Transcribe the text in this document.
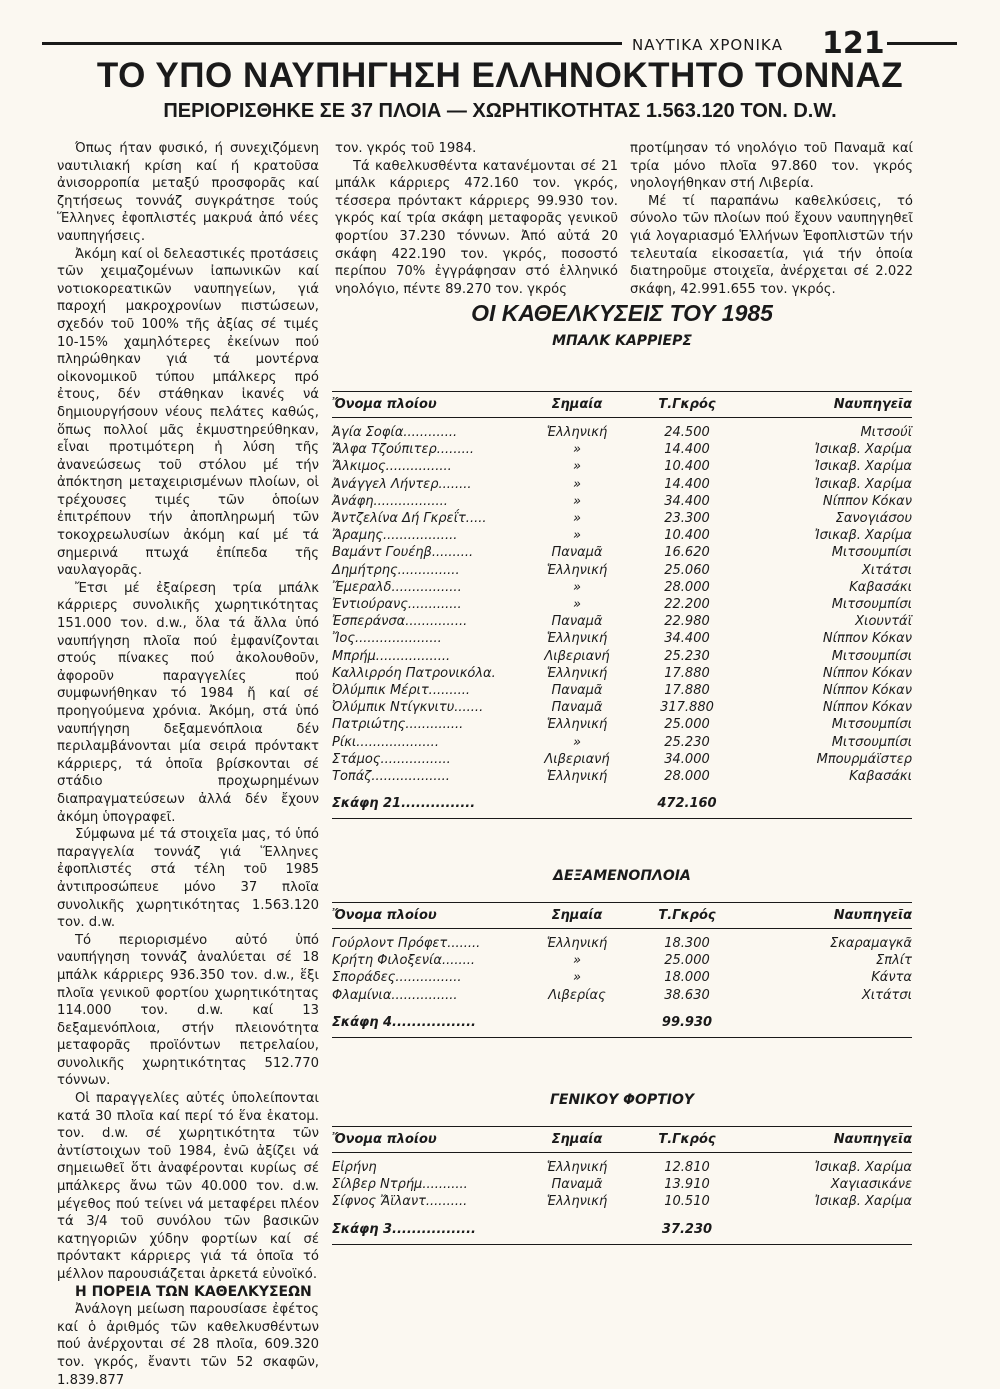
ΝΑΥΤΙΚΑ ΧΡΟΝΙΚΑ 121
ΤΟ ΥΠΟ ΝΑΥΠΗΓΗΣΗ ΕΛΛΗΝΟΚΤΗΤΟ ΤΟΝΝΑΖ
ΠΕΡΙΟΡΙΣΘΗΚΕ ΣΕ 37 ΠΛΟΙΑ — ΧΩΡΗΤΙΚΟΤΗΤΑΣ 1.563.120 ΤΟΝ. D.W.

Όπως ήταν φυσικό, ή συνεχιζόμενη ναυτιλιακή κρίση καί ή κρατοῦσα ἀνισορροπία μεταξύ προσφορᾶς καί ζητήσεως τοννάζ συγκράτησε τούς Ἕλληνες ἐφοπλιστές μακρυά ἀπό νέες ναυπηγήσεις.

Ἀκόμη καί οἱ δελεαστικές προτάσεις τῶν χειμαζομένων ἰαπωνικῶν καί νοτιοκορεατικῶν ναυπηγείων, γιά παροχή μακροχρονίων πιστώσεων, σχεδόν τοῦ 100% τῆς ἀξίας σέ τιμές 10-15% χαμηλότερες ἐκείνων πού πληρώθηκαν γιά τά μοντέρνα οἰκονομικοῦ τύπου μπάλκερς πρό ἐτους, δέν στάθηκαν ἱκανές νά δημιουργήσουν νέους πελάτες καθώς, ὅπως πολλοί μᾶς ἐκμυστηρεύθηκαν, εἶναι προτιμότερη ἡ λύση τῆς ἀνανεώσεως τοῦ στόλου μέ τήν ἀπόκτηση μεταχειρισμένων πλοίων, οἱ τρέχουσες τιμές τῶν ὁποίων ἐπιτρέπουν τήν ἀποπληρωμή τῶν τοκοχρεωλυσίων ἀκόμη καί μέ τά σημερινά πτωχά ἐπίπεδα τῆς ναυλαγορᾶς.

Ἔτσι μέ ἐξαίρεση τρία μπάλκ κάρριερς συνολικῆς χωρητικότητας 151.000 τον. d.w., ὅλα τά ἄλλα ὑπό ναυπήγηση πλοῖα πού ἐμφανίζονται στούς πίνακες πού ἀκολουθοῦν, ἀφοροῦν παραγγελίες πού συμφωνήθηκαν τό 1984 ἤ καί σέ προηγούμενα χρόνια. Ἀκόμη, στά ὑπό ναυπήγηση δεξαμενόπλοια δέν περιλαμβάνονται μία σειρά πρόντακτ κάρριερς, τά ὁποῖα βρίσκονται σέ στάδιο προχωρημένων διαπραγματεύσεων ἀλλά δέν ἔχουν ἀκόμη ὑπογραφεῖ.

Σύμφωνα μέ τά στοιχεῖα μας, τό ὑπό παραγγελία τοννάζ γιά Ἕλληνες ἐφοπλιστές στά τέλη τοῦ 1985 ἀντιπροσώπευε μόνο 37 πλοῖα συνολικῆς χωρητικότητας 1.563.120 τον. d.w.

Τό περιορισμένο αὐτό ὑπό ναυπήγηση τοννάζ ἀναλύεται σέ 18 μπάλκ κάρριερς 936.350 τον. d.w., ἕξι πλοῖα γενικοῦ φορτίου χωρητικότητας 114.000 τον. d.w. καί 13 δεξαμενόπλοια, στήν πλειονότητα μεταφορᾶς προϊόντων πετρελαίου, συνολικῆς χωρητικότητας 512.770 τόννων.

Οἱ παραγγελίες αὐτές ὑπολείπονται κατά 30 πλοῖα καί περί τό ἕνα ἑκατομ. τον. d.w. σέ χωρητικότητα τῶν ἀντίστοιχων τοῦ 1984, ἐνῶ ἀξίζει νά σημειωθεῖ ὅτι ἀναφέρονται κυρίως σέ μπάλκερς ἄνω τῶν 40.000 τον. d.w. μέγεθος πού τείνει νά μεταφέρει πλέον τά 3/4 τοῦ συνόλου τῶν βασικῶν κατηγοριῶν χύδην φορτίων καί σέ πρόντακτ κάρριερς γιά τά ὁποῖα τό μέλλον παρουσιάζεται ἀρκετά εὐνοϊκό.

Η ΠΟΡΕΙΑ ΤΩΝ ΚΑΘΕΛΚΥΣΕΩΝ

Ἀνάλογη μείωση παρουσίασε ἐφέτος καί ὁ ἀριθμός τῶν καθελκυσθέντων πού ἀνέρχονται σέ 28 πλοῖα, 609.320 τον. γκρός, ἔναντι τῶν 52 σκαφῶν, 1.839.877

τον. γκρός τοῦ 1984.

Τά καθελκυσθέντα κατανέμονται σέ 21 μπάλκ κάρριερς 472.160 τον. γκρός, τέσσερα πρόντακτ κάρριερς 99.930 τον. γκρός καί τρία σκάφη μεταφορᾶς γενικοῦ φορτίου 37.230 τόννων. Ἀπό αὐτά 20 σκάφη 422.190 τον. γκρός, ποσοστό περίπου 70% ἐγγράφησαν στό ἑλληνικό νηολόγιο, πέντε 89.270 τον. γκρός

προτίμησαν τό νηολόγιο τοῦ Παναμᾶ καί τρία μόνο πλοῖα 97.860 τον. γκρός νηολογήθηκαν στή Λιβερία.

Μέ τί παραπάνω καθελκύσεις, τό σύνολο τῶν πλοίων πού ἔχουν ναυπηγηθεῖ γιά λογαριασμό Ἑλλήνων Ἐφοπλιστῶν τήν τελευταία εἰκοσαετία, γιά τήν ὁποία διατηροῦμε στοιχεῖα, ἀνέρχεται σέ 2.022 σκάφη, 42.991.655 τον. γκρός.

ΟΙ ΚΑΘΕΛΚΥΣΕΙΣ ΤΟΥ 1985
ΜΠΑΛΚ ΚΑΡΡΙΕΡΣ
Ὄνομα πλοίου	Σημαία	Τ.Γκρός	Ναυπηγεῖα
Ἁγία Σοφία.............	Ἑλληνική	24.500	Μιτσούϊ
Ἄλφα Τζούπιτερ.........	»	14.400	Ἰσικαβ. Χαρίμα
Ἄλκιμος................	»	10.400	Ἰσικαβ. Χαρίμα
Ἀνάγγελ Λήντερ........	»	14.400	Ἰσικαβ. Χαρίμα
Ἀνάφη..................	»	34.400	Νίππον Κόκαν
Ἀντζελίνα Δή Γκρεΐτ.....	»	23.300	Σανογιάσου
Ἄραμης..................	»	10.400	Ἰσικαβ. Χαρίμα
Βαμάντ Γουέηβ..........	Παναμᾶ	16.620	Μιτσουμπίσι
Δημήτρης...............	Ἑλληνική	25.060	Χιτάτσι
Ἔμεραλδ.................	»	28.000	Καβασάκι
Ἐντιούρανς.............	»	22.200	Μιτσουμπίσι
Ἐσπεράνσα...............	Παναμᾶ	22.980	Χιουντάϊ
Ἴος.....................	Ἑλληνική	34.400	Νίππον Κόκαν
Μπρήμ..................	Λιβεριανή	25.230	Μιτσουμπίσι
Καλλιρρόη Πατρονικόλα.	Ἑλληνική	17.880	Νίππον Κόκαν
Ὀλύμπικ Μέριτ..........	Παναμᾶ	17.880	Νίππον Κόκαν
Ὀλύμπικ Ντίγκνιτυ.......	Παναμᾶ	317.880	Νίππον Κόκαν
Πατριώτης..............	Ἑλληνική	25.000	Μιτσουμπίσι
Ρίκι....................	»	25.230	Μιτσουμπίσι
Στάμος.................	Λιβεριανή	34.000	Μπουρμάϊστερ
Τοπάζ...................	Ἑλληνική	28.000	Καβασάκι
Σκάφη 21...............		472.160	
ΔΕΞΑΜΕΝΟΠΛΟΙΑ
Ὄνομα πλοίου	Σημαία	Τ.Γκρός	Ναυπηγεῖα
Γούρλοντ Πρόφετ........	Ἑλληνική	18.300	Σκαραμαγκᾶ
Κρήτη Φιλοξενία........	»	25.000	Σπλίτ
Σποράδες................	»	18.000	Κάντα
Φλαμίνια................	Λιβερίας	38.630	Χιτάτσι
Σκάφη 4.................		99.930	
ΓΕΝΙΚΟΥ ΦΟΡΤΙΟΥ
Ὄνομα πλοίου	Σημαία	Τ.Γκρός	Ναυπηγεῖα
Εἰρήνη	Ἑλληνική	12.810	Ἰσικαβ. Χαρίμα
Σίλβερ Ντρήμ...........	Παναμᾶ	13.910	Χαγιασικάνε
Σίφνος Ἄϊλαντ..........	Ἑλληνική	10.510	Ἰσικαβ. Χαρίμα
Σκάφη 3.................		37.230	
